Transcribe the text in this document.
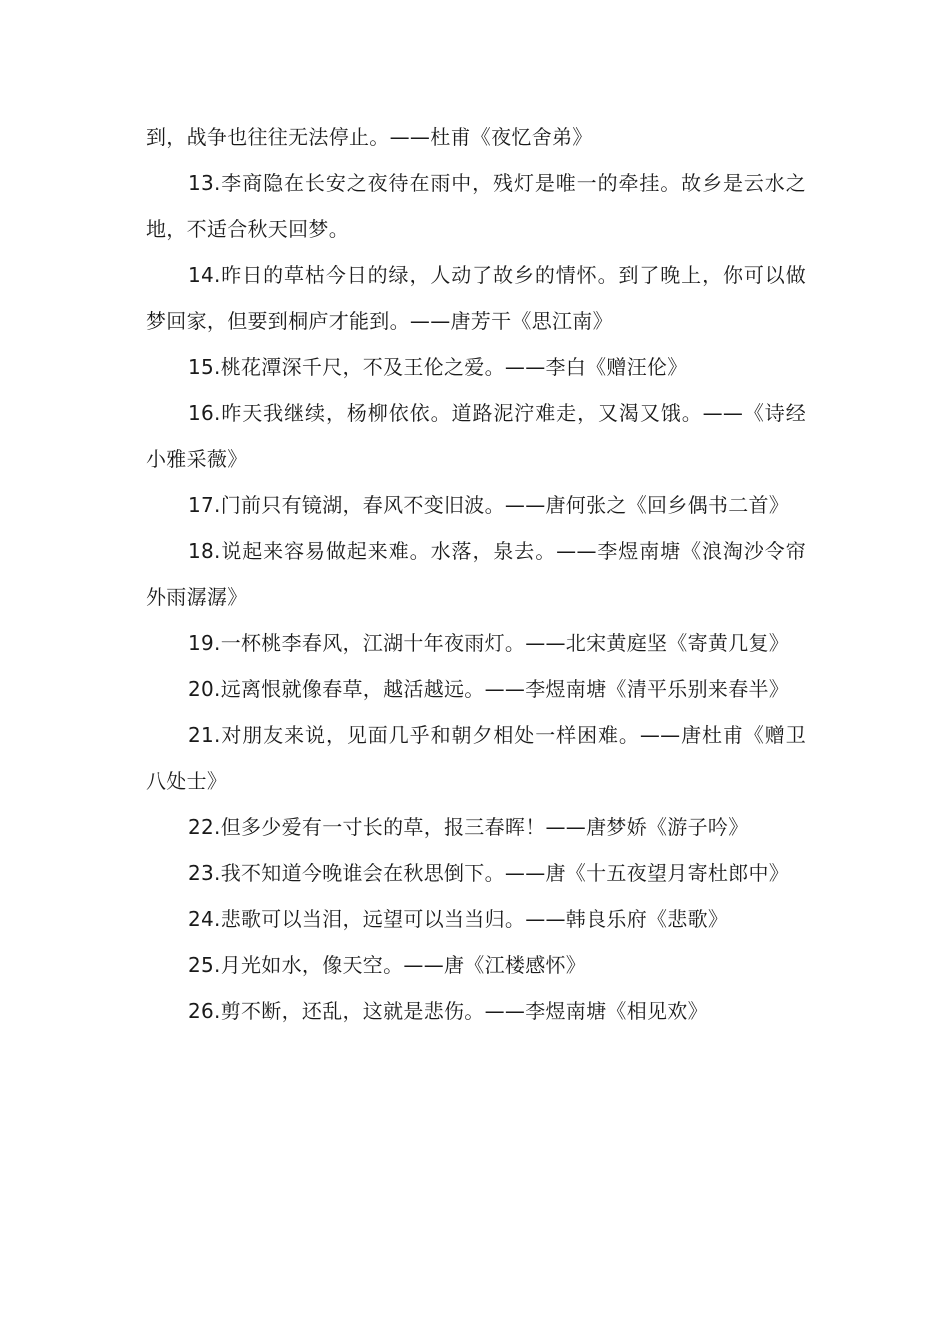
到，战争也往往无法停止。——杜甫《夜忆舍弟》

13.李商隐在长安之夜待在雨中，残灯是唯一的牵挂。故乡是云水之地，不适合秋天回梦。

14.昨日的草枯今日的绿，人动了故乡的情怀。到了晚上，你可以做梦回家，但要到桐庐才能到。——唐芳干《思江南》

15.桃花潭深千尺，不及王伦之爱。——李白《赠汪伦》

16.昨天我继续，杨柳依依。道路泥泞难走，又渴又饿。——《诗经小雅采薇》

17.门前只有镜湖，春风不变旧波。——唐何张之《回乡偶书二首》

18.说起来容易做起来难。水落，泉去。——李煜南塘《浪淘沙令帘外雨潺潺》

19.一杯桃李春风，江湖十年夜雨灯。——北宋黄庭坚《寄黄几复》

20.远离恨就像春草，越活越远。——李煜南塘《清平乐别来春半》

21.对朋友来说，见面几乎和朝夕相处一样困难。——唐杜甫《赠卫八处士》

22.但多少爱有一寸长的草，报三春晖！——唐梦娇《游子吟》

23.我不知道今晚谁会在秋思倒下。——唐《十五夜望月寄杜郎中》

24.悲歌可以当泪，远望可以当当归。——韩良乐府《悲歌》

25.月光如水，像天空。——唐《江楼感怀》

26.剪不断，还乱，这就是悲伤。——李煜南塘《相见欢》
